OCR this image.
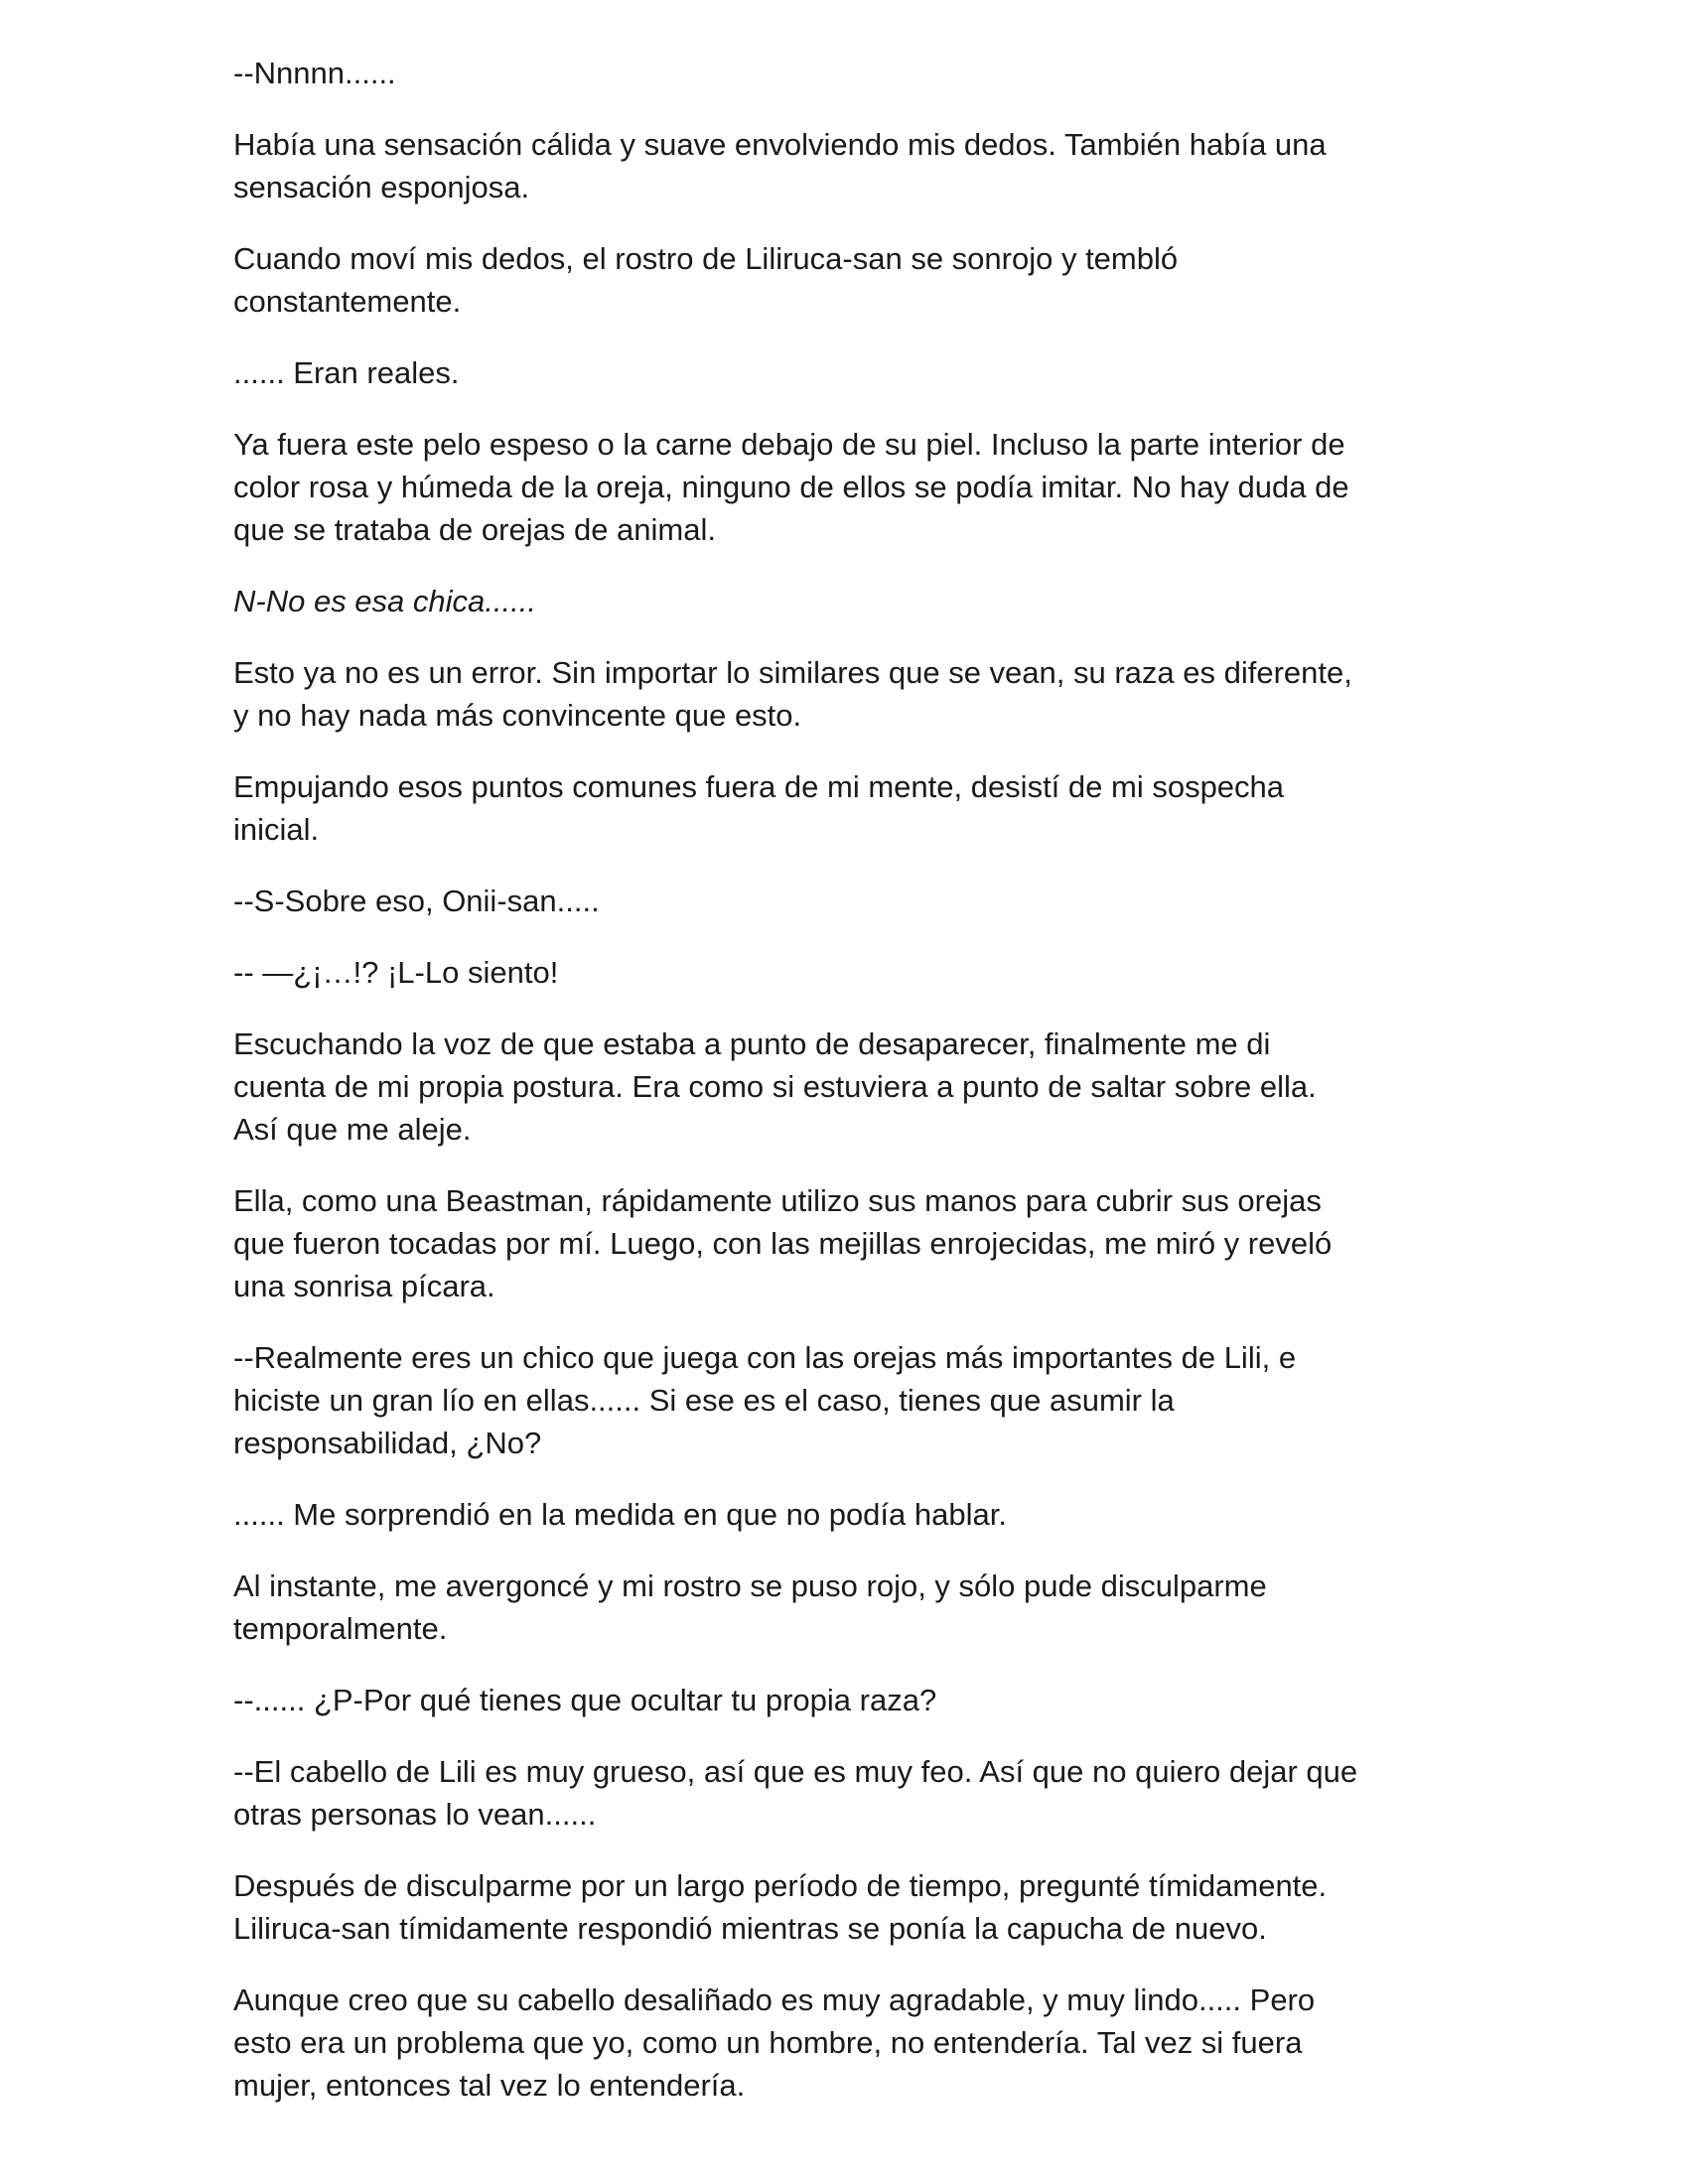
--Nnnnn......

Había una sensación cálida y suave envolviendo mis dedos. También había una
sensación esponjosa.

Cuando moví mis dedos, el rostro de Liliruca-san se sonrojo y tembló
constantemente.

...... Eran reales.

Ya fuera este pelo espeso o la carne debajo de su piel. Incluso la parte interior de
color rosa y húmeda de la oreja, ninguno de ellos se podía imitar. No hay duda de
que se trataba de orejas de animal.

N-No es esa chica......

Esto ya no es un error. Sin importar lo similares que se vean, su raza es diferente,
y no hay nada más convincente que esto.

Empujando esos puntos comunes fuera de mi mente, desistí de mi sospecha
inicial.

--S-Sobre eso, Onii-san.....

-- —¿¡…!? ¡L-Lo siento!

Escuchando la voz de que estaba a punto de desaparecer, finalmente me di
cuenta de mi propia postura. Era como si estuviera a punto de saltar sobre ella.
Así que me aleje.

Ella, como una Beastman, rápidamente utilizo sus manos para cubrir sus orejas
que fueron tocadas por mí. Luego, con las mejillas enrojecidas, me miró y reveló
una sonrisa pícara.

--Realmente eres un chico que juega con las orejas más importantes de Lili, e
hiciste un gran lío en ellas...... Si ese es el caso, tienes que asumir la
responsabilidad, ¿No?

...... Me sorprendió en la medida en que no podía hablar.

Al instante, me avergoncé y mi rostro se puso rojo, y sólo pude disculparme
temporalmente.

--...... ¿P-Por qué tienes que ocultar tu propia raza?

--El cabello de Lili es muy grueso, así que es muy feo. Así que no quiero dejar que
otras personas lo vean......

Después de disculparme por un largo período de tiempo, pregunté tímidamente.
Liliruca-san tímidamente respondió mientras se ponía la capucha de nuevo.

Aunque creo que su cabello desaliñado es muy agradable, y muy lindo..... Pero
esto era un problema que yo, como un hombre, no entendería. Tal vez si fuera
mujer, entonces tal vez lo entendería.
